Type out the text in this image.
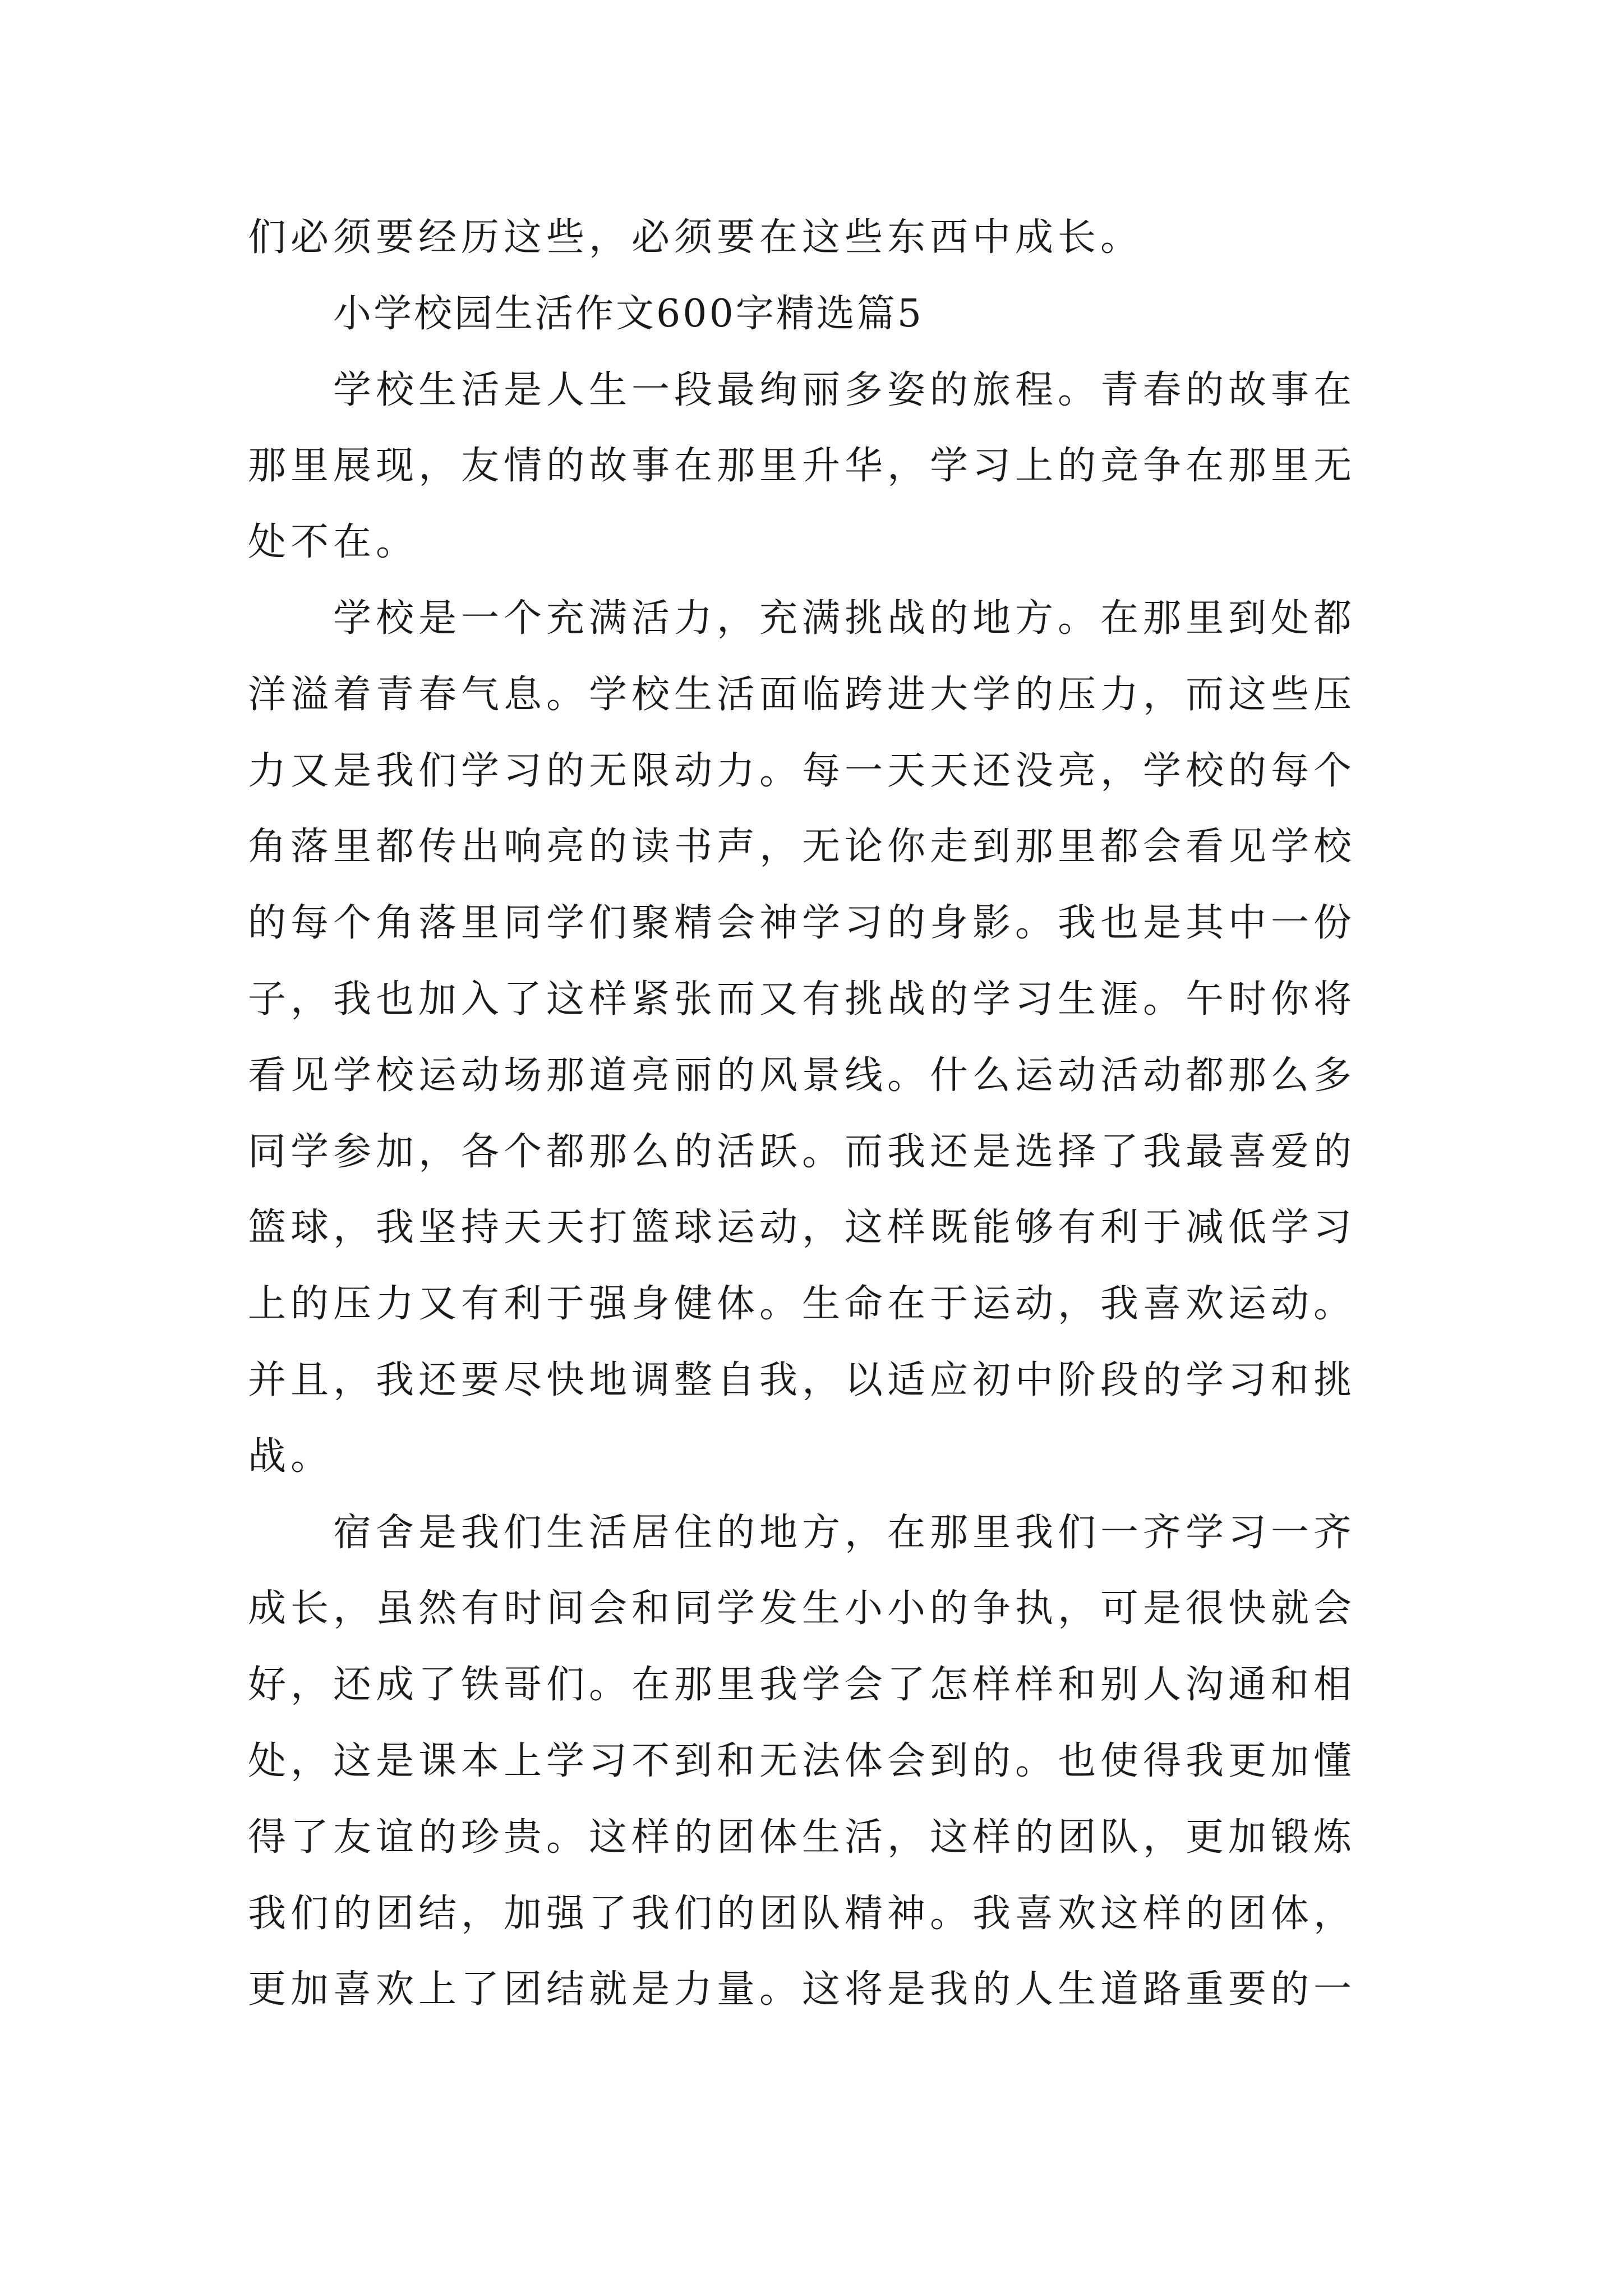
们必须要经历这些，必须要在这些东西中成长。
小学校园生活作文600字精选篇5
学校生活是人生一段最绚丽多姿的旅程。青春的故事在
那里展现，友情的故事在那里升华，学习上的竞争在那里无
处不在。
学校是一个充满活力，充满挑战的地方。在那里到处都
洋溢着青春气息。学校生活面临跨进大学的压力，而这些压
力又是我们学习的无限动力。每一天天还没亮，学校的每个
角落里都传出响亮的读书声，无论你走到那里都会看见学校
的每个角落里同学们聚精会神学习的身影。我也是其中一份
子，我也加入了这样紧张而又有挑战的学习生涯。午时你将
看见学校运动场那道亮丽的风景线。什么运动活动都那么多
同学参加，各个都那么的活跃。而我还是选择了我最喜爱的
篮球，我坚持天天打篮球运动，这样既能够有利于减低学习
上的压力又有利于强身健体。生命在于运动，我喜欢运动。
并且，我还要尽快地调整自我，以适应初中阶段的学习和挑
战。
宿舍是我们生活居住的地方，在那里我们一齐学习一齐
成长，虽然有时间会和同学发生小小的争执，可是很快就会
好，还成了铁哥们。在那里我学会了怎样样和别人沟通和相
处，这是课本上学习不到和无法体会到的。也使得我更加懂
得了友谊的珍贵。这样的团体生活，这样的团队，更加锻炼
我们的团结，加强了我们的团队精神。我喜欢这样的团体，
更加喜欢上了团结就是力量。这将是我的人生道路重要的一
